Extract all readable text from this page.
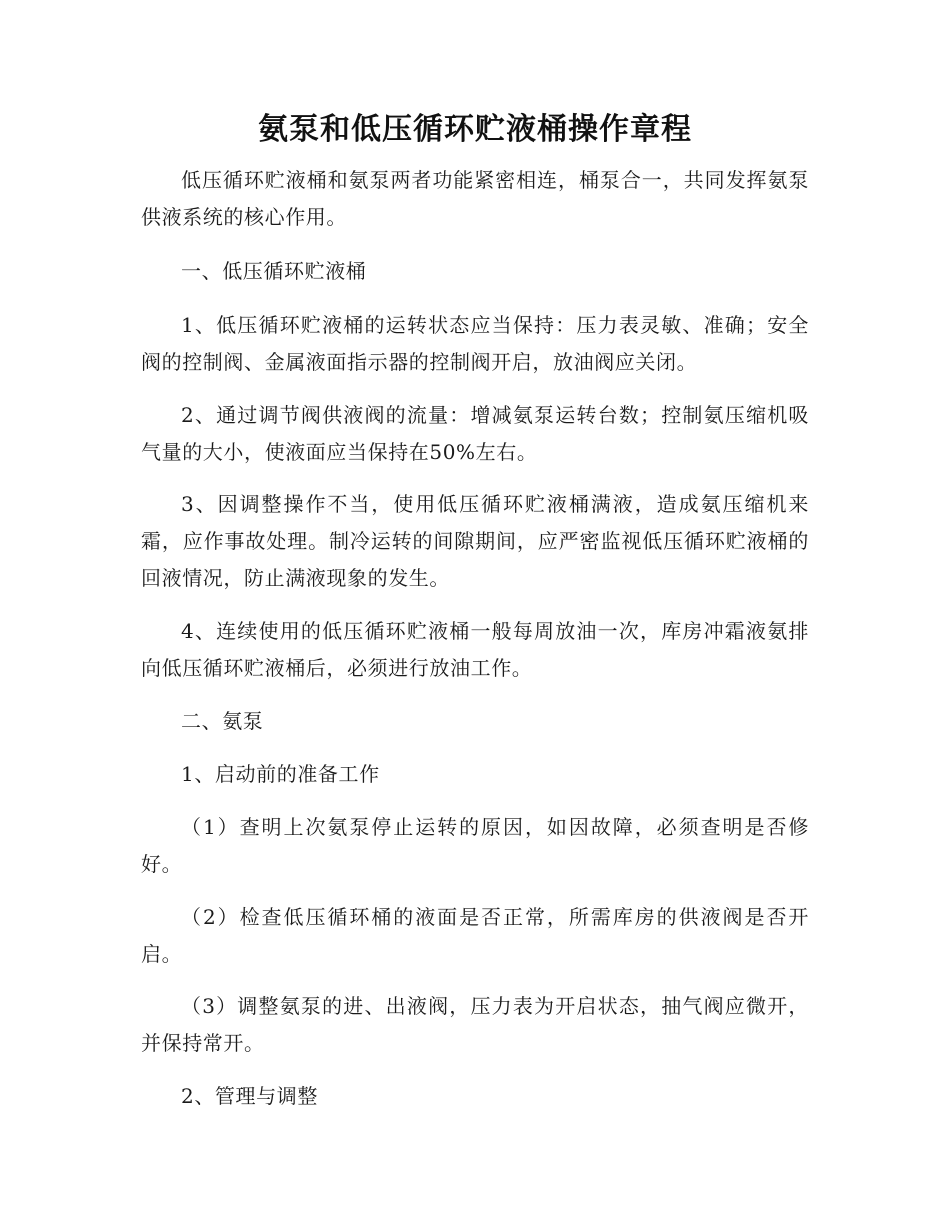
氨泵和低压循环贮液桶操作章程
低压循环贮液桶和氨泵两者功能紧密相连，桶泵合一，共同发挥氨泵供液系统的核心作用。
一、低压循环贮液桶
1、低压循环贮液桶的运转状态应当保持：压力表灵敏、准确；安全阀的控制阀、金属液面指示器的控制阀开启，放油阀应关闭。
2、通过调节阀供液阀的流量：增减氨泵运转台数；控制氨压缩机吸气量的大小，使液面应当保持在50%左右。
3、因调整操作不当，使用低压循环贮液桶满液，造成氨压缩机来霜，应作事故处理。制冷运转的间隙期间，应严密监视低压循环贮液桶的回液情况，防止满液现象的发生。
4、连续使用的低压循环贮液桶一般每周放油一次，库房冲霜液氨排向低压循环贮液桶后，必须进行放油工作。
二、氨泵
1、启动前的准备工作
（1）查明上次氨泵停止运转的原因，如因故障，必须查明是否修好。
（2）检查低压循环桶的液面是否正常，所需库房的供液阀是否开启。
（3）调整氨泵的进、出液阀，压力表为开启状态，抽气阀应微开，并保持常开。
2、管理与调整
